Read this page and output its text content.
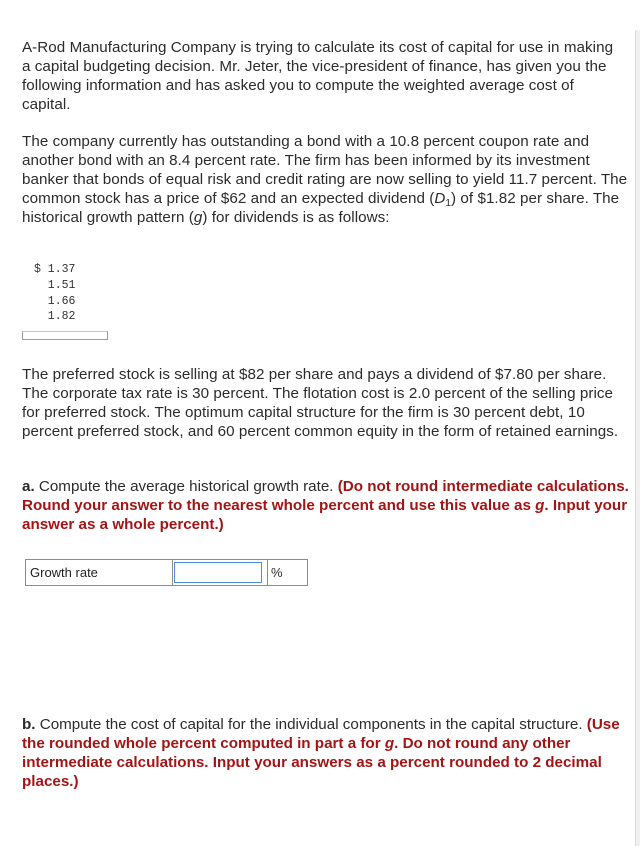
A-Rod Manufacturing Company is trying to calculate its cost of capital for use in making a capital budgeting decision. Mr. Jeter, the vice-president of finance, has given you the following information and has asked you to compute the weighted average cost of capital.

The company currently has outstanding a bond with a 10.8 percent coupon rate and another bond with an 8.4 percent rate. The firm has been informed by its investment banker that bonds of equal risk and credit rating are now selling to yield 11.7 percent. The common stock has a price of $62 and an expected dividend $(D_1)$ of $1.82 per share. The historical growth pattern (g) for dividends is as follows:

$ 1.37
1.51
1.66
1.82

The preferred stock is selling at $82 per share and pays a dividend of $7.80 per share. The corporate tax rate is 30 percent. The flotation cost is 2.0 percent of the selling price for preferred stock. The optimum capital structure for the firm is 30 percent debt, 10 percent preferred stock, and 60 percent common equity in the form of retained earnings.

a. Compute the average historical growth rate. (Do not round intermediate calculations. Round your answer to the nearest whole percent and use this value as g. Input your answer as a whole percent.)
Growth rate		%
b. Compute the cost of capital for the individual components in the capital structure. (Use the rounded whole percent computed in part a for g. Do not round any other intermediate calculations. Input your answers as a percent rounded to 2 decimal places.)
